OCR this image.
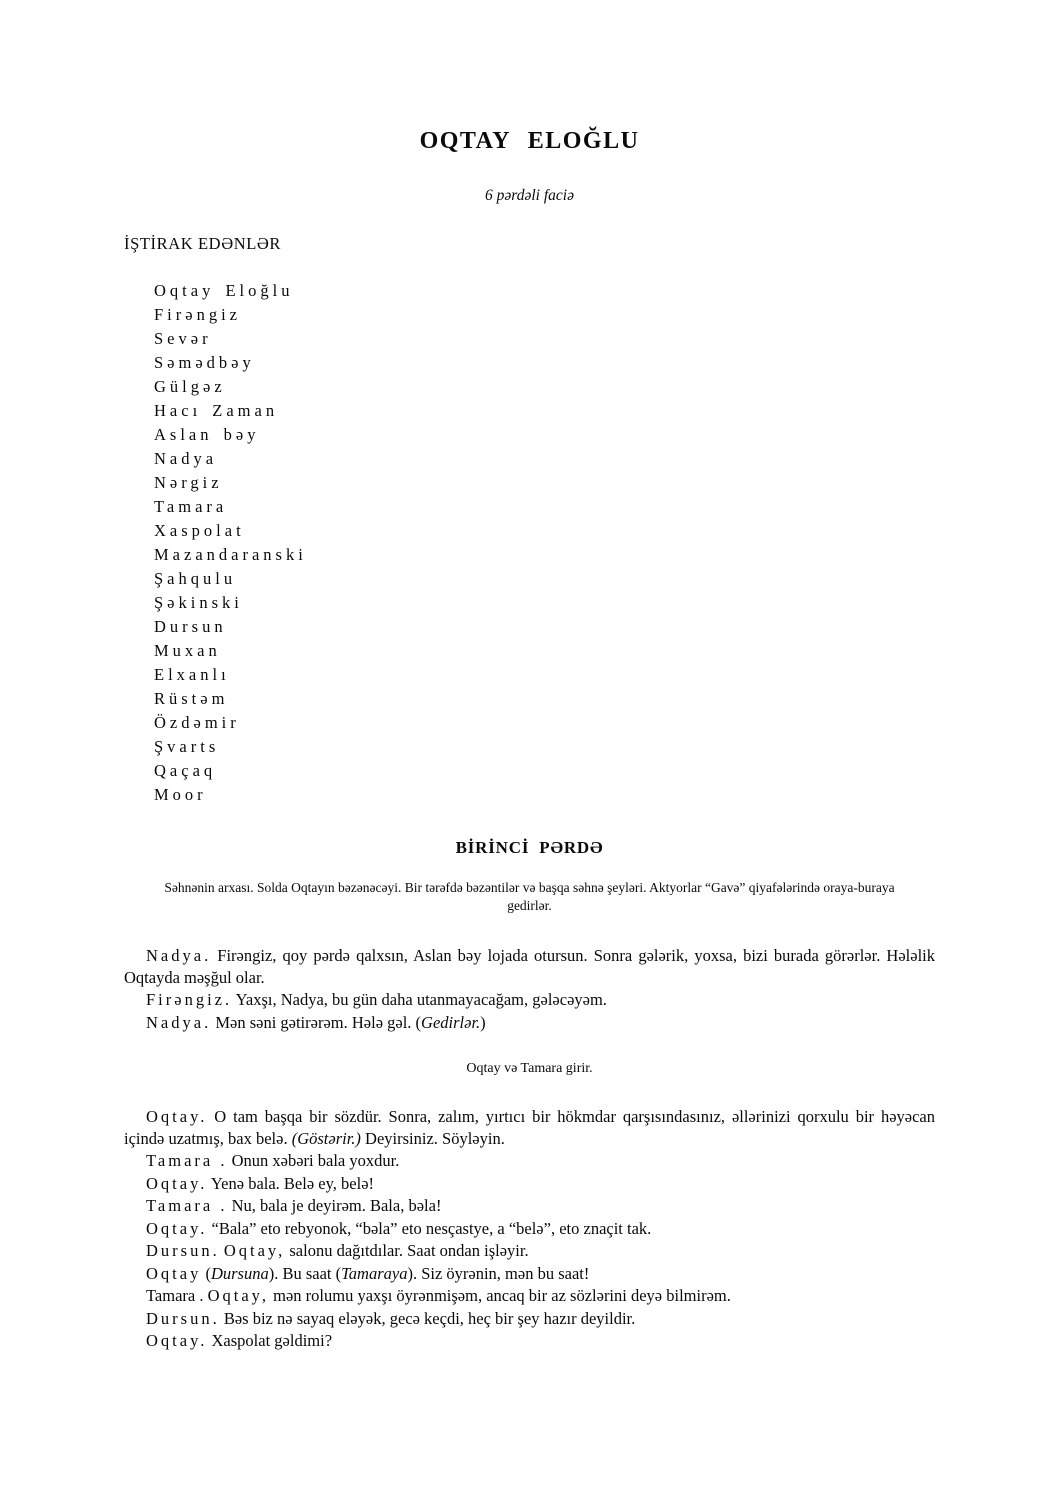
OQTAY ELOĞLU
6 pərdəli faciə
İŞTİRAK EDƏNLƏR
Oqtay Eloğlu
Firəngiz
Sevər
Səmədbəy
Gülgəz
Hacı Zaman
Aslan bəy
Nadya
Nərgiz
Tamara
Xaspolat
Mazandaranski
Şahqulu
Şəkinski
Dursun
Muxan
Elxanlı
Rüstəm
Özdəmir
Şvarts
Qaçaq
Moor
BİRİNCİ PƏRDƏ
Səhnənin arxası. Solda Oqtayın bəzənəcəyi. Bir tərəfdə bəzəntilər və başqa səhnə şeyləri. Aktyorlar “Gavə” qiyafələrində oraya-buraya gedirlər.

Nadya. Firəngiz, qoy pərdə qalxsın, Aslan bəy lojada otursun. Sonra gələrik, yoxsa, bizi burada görərlər. Hələlik Oqtayda məşğul olar.

Firəngiz. Yaxşı, Nadya, bu gün daha utanmayacağam, gələcəyəm.

Nadya. Mən səni gətirərəm. Hələ gəl. (Gedirlər.)

Oqtay və Tamara girir.

Oqtay. O tam başqa bir sözdür. Sonra, zalım, yırtıcı bir hökmdar qarşısındasınız, əllərinizi qorxulu bir həyəcan içində uzatmış, bax belə. (Göstərir.) Deyirsiniz. Söyləyin.

Tamara . Onun xəbəri bala yoxdur.

Oqtay. Yenə bala. Belə ey, belə!

Tamara . Nu, bala je deyirəm. Bala, bəla!

Oqtay. “Bala” eto rebyonok, “bəla” eto nesçastye, a “belə”, eto znaçit tak.

Dursun. Oqtay, salonu dağıtdılar. Saat ondan işləyir.

Oqtay (Dursuna). Bu saat (Tamaraya). Siz öyrənin, mən bu saat!

Tamara . Oqtay, mən rolumu yaxşı öyrənmişəm, ancaq bir az sözlərini deyə bilmirəm.

Dursun. Bəs biz nə sayaq eləyək, gecə keçdi, heç bir şey hazır deyildir.

Oqtay. Xaspolat gəldimi?
